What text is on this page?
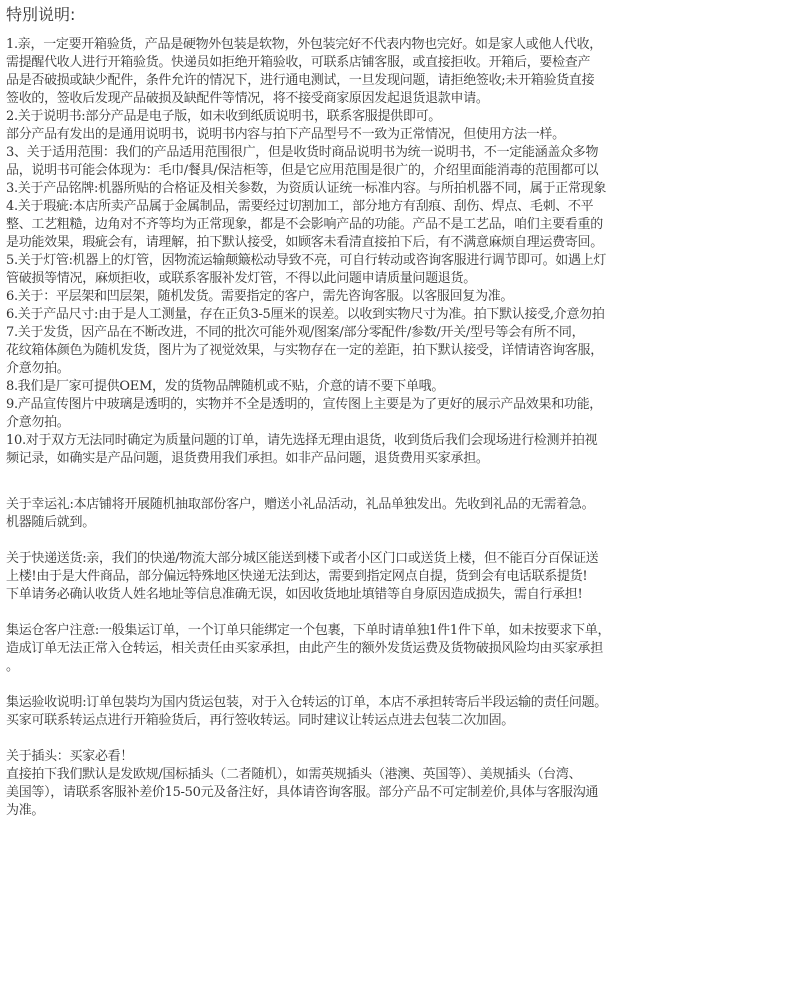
特別说明:
1.亲，一定要开箱验货，产品是硬物外包装是软物，外包装完好不代表内物也完好。如是家人或他人代收，
需提醒代收人进行开箱验货。快递员如拒绝开箱验收，可联系店铺客服，或直接拒收。开箱后，要检查产
品是否破损或缺少配件，条件允许的情况下，进行通电测试，一旦发现问题，请拒绝签收;未开箱验货直接
签收的，签收后发现产品破损及缺配件等情况，将不接受商家原因发起退货退款申请。
2.关于说明书:部分产品是电子版，如未收到纸质说明书，联系客服提供即可。
部分产品有发出的是通用说明书，说明书内容与拍下产品型号不一致为正常情况，但使用方法一样。
3、关于适用范围：我们的产品适用范围很广，但是收货时商品说明书为统一说明书，不一定能涵盖众多物
品，说明书可能会体现为：毛巾/餐具/保洁柜等，但是它应用范围是很广的，介绍里面能消毒的范围都可以
3.关于产品铭牌:机器所贴的合格证及相关参数，为资质认证统一标准内容。与所拍机器不同，属于正常现象
4.关于瑕疵:本店所卖产品属于金属制品，需要经过切割加工，部分地方有刮痕、刮伤、焊点、毛刺、不平
整、工艺粗糙，边角对不齐等均为正常现象，都是不会影响产品的功能。产品不是工艺品，咱们主要看重的
是功能效果，瑕疵会有，请理解，拍下默认接受，如顾客未看清直接拍下后，有不满意麻烦自理运费寄回。
5.关于灯管:机器上的灯管，因物流运输颠簸松动导致不亮，可自行转动或咨询客服进行调节即可。如遇上灯
管破损等情况，麻烦拒收，或联系客服补发灯管，不得以此问题申请质量问题退货。
6.关于：平层架和凹层架，随机发货。需要指定的客户，需先咨询客服。以客服回复为准。
6.关于产品尺寸:由于是人工测量，存在正负3-5厘米的误差。以收到实物尺寸为准。拍下默认接受,介意勿拍
7.关于发货，因产品在不断改进，不同的批次可能外观/图案/部分零配件/参数/开关/型号等会有所不同，
花纹箱体颜色为随机发货，图片为了视觉效果，与实物存在一定的差距，拍下默认接受，详情请咨询客服，
介意勿拍。
8.我们是厂家可提供OEM，发的货物品牌随机或不贴，介意的请不要下单哦。
9.产品宣传图片中玻璃是透明的，实物并不全是透明的，宣传图上主要是为了更好的展示产品效果和功能，
介意勿拍。
10.对于双方无法同时确定为质量问题的订单，请先选择无理由退货，收到货后我们会现场进行检测并拍视
频记录，如确实是产品问题，退货费用我们承担。如非产品问题，退货费用买家承担。
关于幸运礼:本店铺将开展随机抽取部份客户，赠送小礼品活动，礼品单独发出。先收到礼品的无需着急。
机器随后就到。
关于快递送货:亲，我们的快递/物流大部分城区能送到楼下或者小区门口或送货上楼，但不能百分百保证送
上楼!由于是大件商品，部分偏远特殊地区快递无法到达，需要到指定网点自提，货到会有电话联系提货!
下单请务必确认收货人姓名地址等信息准确无误，如因收货地址填错等自身原因造成损失，需自行承担!
集运仓客户注意:一般集运订单，一个订单只能绑定一个包裹，下单时请单独1件1件下单，如未按要求下单，
造成订单无法正常入仓转运，相关责任由买家承担，由此产生的额外发货运费及货物破损风险均由买家承担
。
集运验收说明:订单包裝均为国内货运包装，对于入仓转运的订单，本店不承担转寄后半段运输的责任问题。
买家可联系转运点进行开箱验货后，再行签收转运。同时建议让转运点进去包装二次加固。
关于插头：买家必看！
直接拍下我们默认是发欧规/国标插头（二者随机），如需英规插头（港澳、英国等）、美规插头（台湾、
美国等），请联系客服补差价15-50元及备注好，具体请咨询客服。部分产品不可定制差价,具体与客服沟通
为准。
